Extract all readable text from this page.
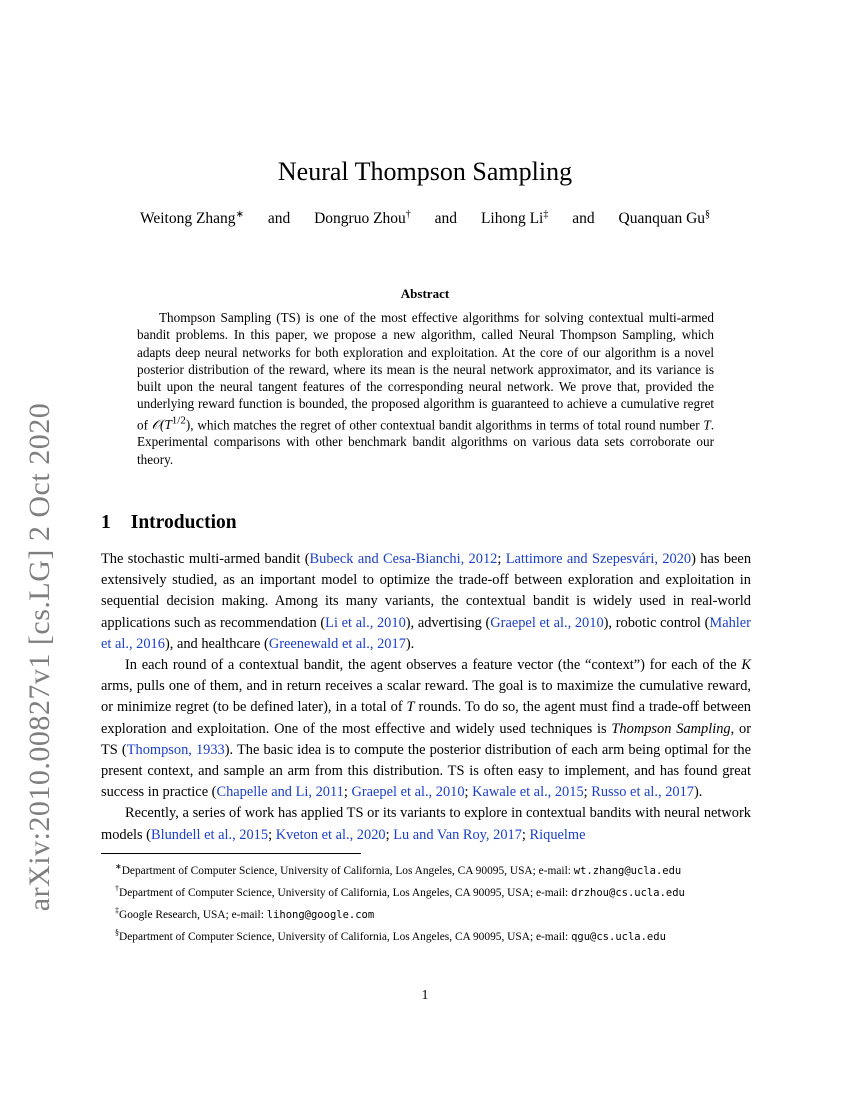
arXiv:2010.00827v1 [cs.LG] 2 Oct 2020
Neural Thompson Sampling
Weitong Zhang∗ and Dongruo Zhou† and Lihong Li‡ and Quanquan Gu§
Abstract
Thompson Sampling (TS) is one of the most effective algorithms for solving contextual multi-armed bandit problems. In this paper, we propose a new algorithm, called Neural Thompson Sampling, which adapts deep neural networks for both exploration and exploitation. At the core of our algorithm is a novel posterior distribution of the reward, where its mean is the neural network approximator, and its variance is built upon the neural tangent features of the corresponding neural network. We prove that, provided the underlying reward function is bounded, the proposed algorithm is guaranteed to achieve a cumulative regret of $𝒪(T^{1/2})$, which matches the regret of other contextual bandit algorithms in terms of total round number T. Experimental comparisons with other benchmark bandit algorithms on various data sets corroborate our theory.
1 Introduction

The stochastic multi-armed bandit (Bubeck and Cesa-Bianchi, 2012; Lattimore and Szepesvári, 2020) has been extensively studied, as an important model to optimize the trade-off between exploration and exploitation in sequential decision making. Among its many variants, the contextual bandit is widely used in real-world applications such as recommendation (Li et al., 2010), advertising (Graepel et al., 2010), robotic control (Mahler et al., 2016), and healthcare (Greenewald et al., 2017).

In each round of a contextual bandit, the agent observes a feature vector (the “context”) for each of the K arms, pulls one of them, and in return receives a scalar reward. The goal is to maximize the cumulative reward, or minimize regret (to be defined later), in a total of T rounds. To do so, the agent must find a trade-off between exploration and exploitation. One of the most effective and widely used techniques is Thompson Sampling, or TS (Thompson, 1933). The basic idea is to compute the posterior distribution of each arm being optimal for the present context, and sample an arm from this distribution. TS is often easy to implement, and has found great success in practice (Chapelle and Li, 2011; Graepel et al., 2010; Kawale et al., 2015; Russo et al., 2017).

Recently, a series of work has applied TS or its variants to explore in contextual bandits with neural network models (Blundell et al., 2015; Kveton et al., 2020; Lu and Van Roy, 2017; Riquelme

∗Department of Computer Science, University of California, Los Angeles, CA 90095, USA; e-mail: wt.zhang@ucla.edu
†Department of Computer Science, University of California, Los Angeles, CA 90095, USA; e-mail: drzhou@cs.ucla.edu
‡Google Research, USA; e-mail: lihong@google.com
§Department of Computer Science, University of California, Los Angeles, CA 90095, USA; e-mail: qgu@cs.ucla.edu
1
